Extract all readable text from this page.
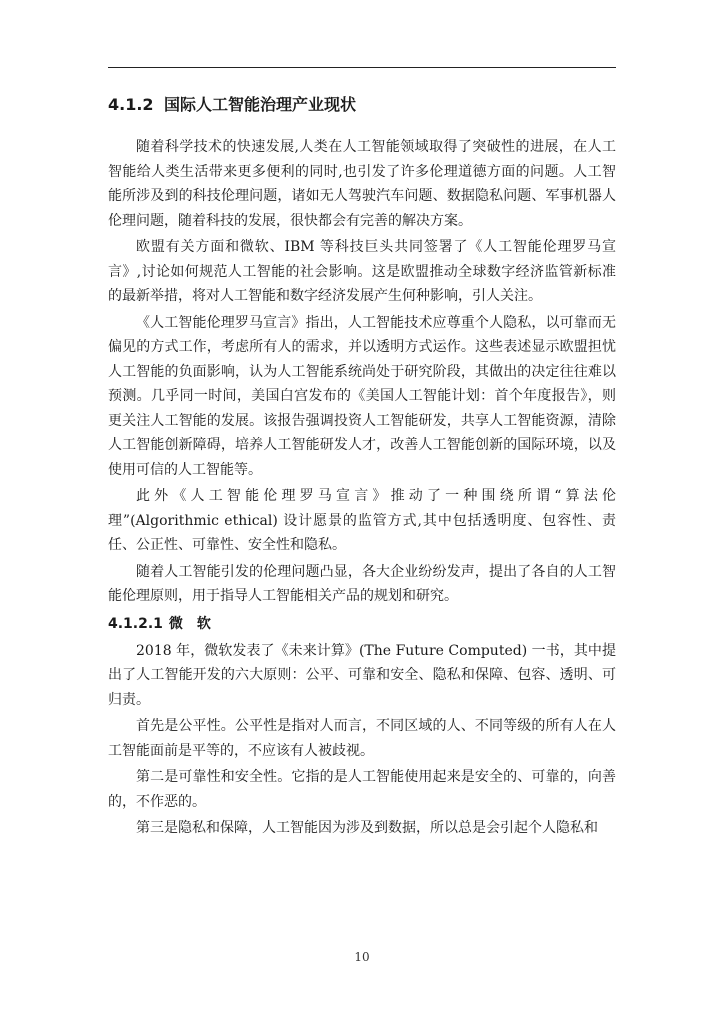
4.1.2 国际人工智能治理产业现状

随着科学技术的快速发展,人类在人工智能领域取得了突破性的进展，在人工智能给人类生活带来更多便利的同时,也引发了许多伦理道德方面的问题。人工智能所涉及到的科技伦理问题，诸如无人驾驶汽车问题、数据隐私问题、军事机器人伦理问题，随着科技的发展，很快都会有完善的解决方案。

欧盟有关方面和微软、IBM 等科技巨头共同签署了《人工智能伦理罗马宣言》,讨论如何规范人工智能的社会影响。这是欧盟推动全球数字经济监管新标准的最新举措，将对人工智能和数字经济发展产生何种影响，引人关注。

《人工智能伦理罗马宣言》指出，人工智能技术应尊重个人隐私，以可靠而无偏见的方式工作，考虑所有人的需求，并以透明方式运作。这些表述显示欧盟担忧人工智能的负面影响，认为人工智能系统尚处于研究阶段，其做出的决定往往难以预测。几乎同一时间，美国白宫发布的《美国人工智能计划：首个年度报告》，则更关注人工智能的发展。该报告强调投资人工智能研发，共享人工智能资源，清除人工智能创新障碍，培养人工智能研发人才，改善人工智能创新的国际环境，以及使用可信的人工智能等。

此外《人工智能伦理罗马宣言》推动了一种围绕所谓“算法伦理”(Algorithmic ethical) 设计愿景的监管方式,其中包括透明度、包容性、责任、公正性、可靠性、安全性和隐私。

随着人工智能引发的伦理问题凸显，各大企业纷纷发声，提出了各自的人工智能伦理原则，用于指导人工智能相关产品的规划和研究。

4.1.2.1 微　软

2018 年，微软发表了《未来计算》(The Future Computed) 一书，其中提出了人工智能开发的六大原则：公平、可靠和安全、隐私和保障、包容、透明、可归责。

首先是公平性。公平性是指对人而言，不同区域的人、不同等级的所有人在人工智能面前是平等的，不应该有人被歧视。

第二是可靠性和安全性。它指的是人工智能使用起来是安全的、可靠的，向善的，不作恶的。

第三是隐私和保障，人工智能因为涉及到数据，所以总是会引起个人隐私和

10
